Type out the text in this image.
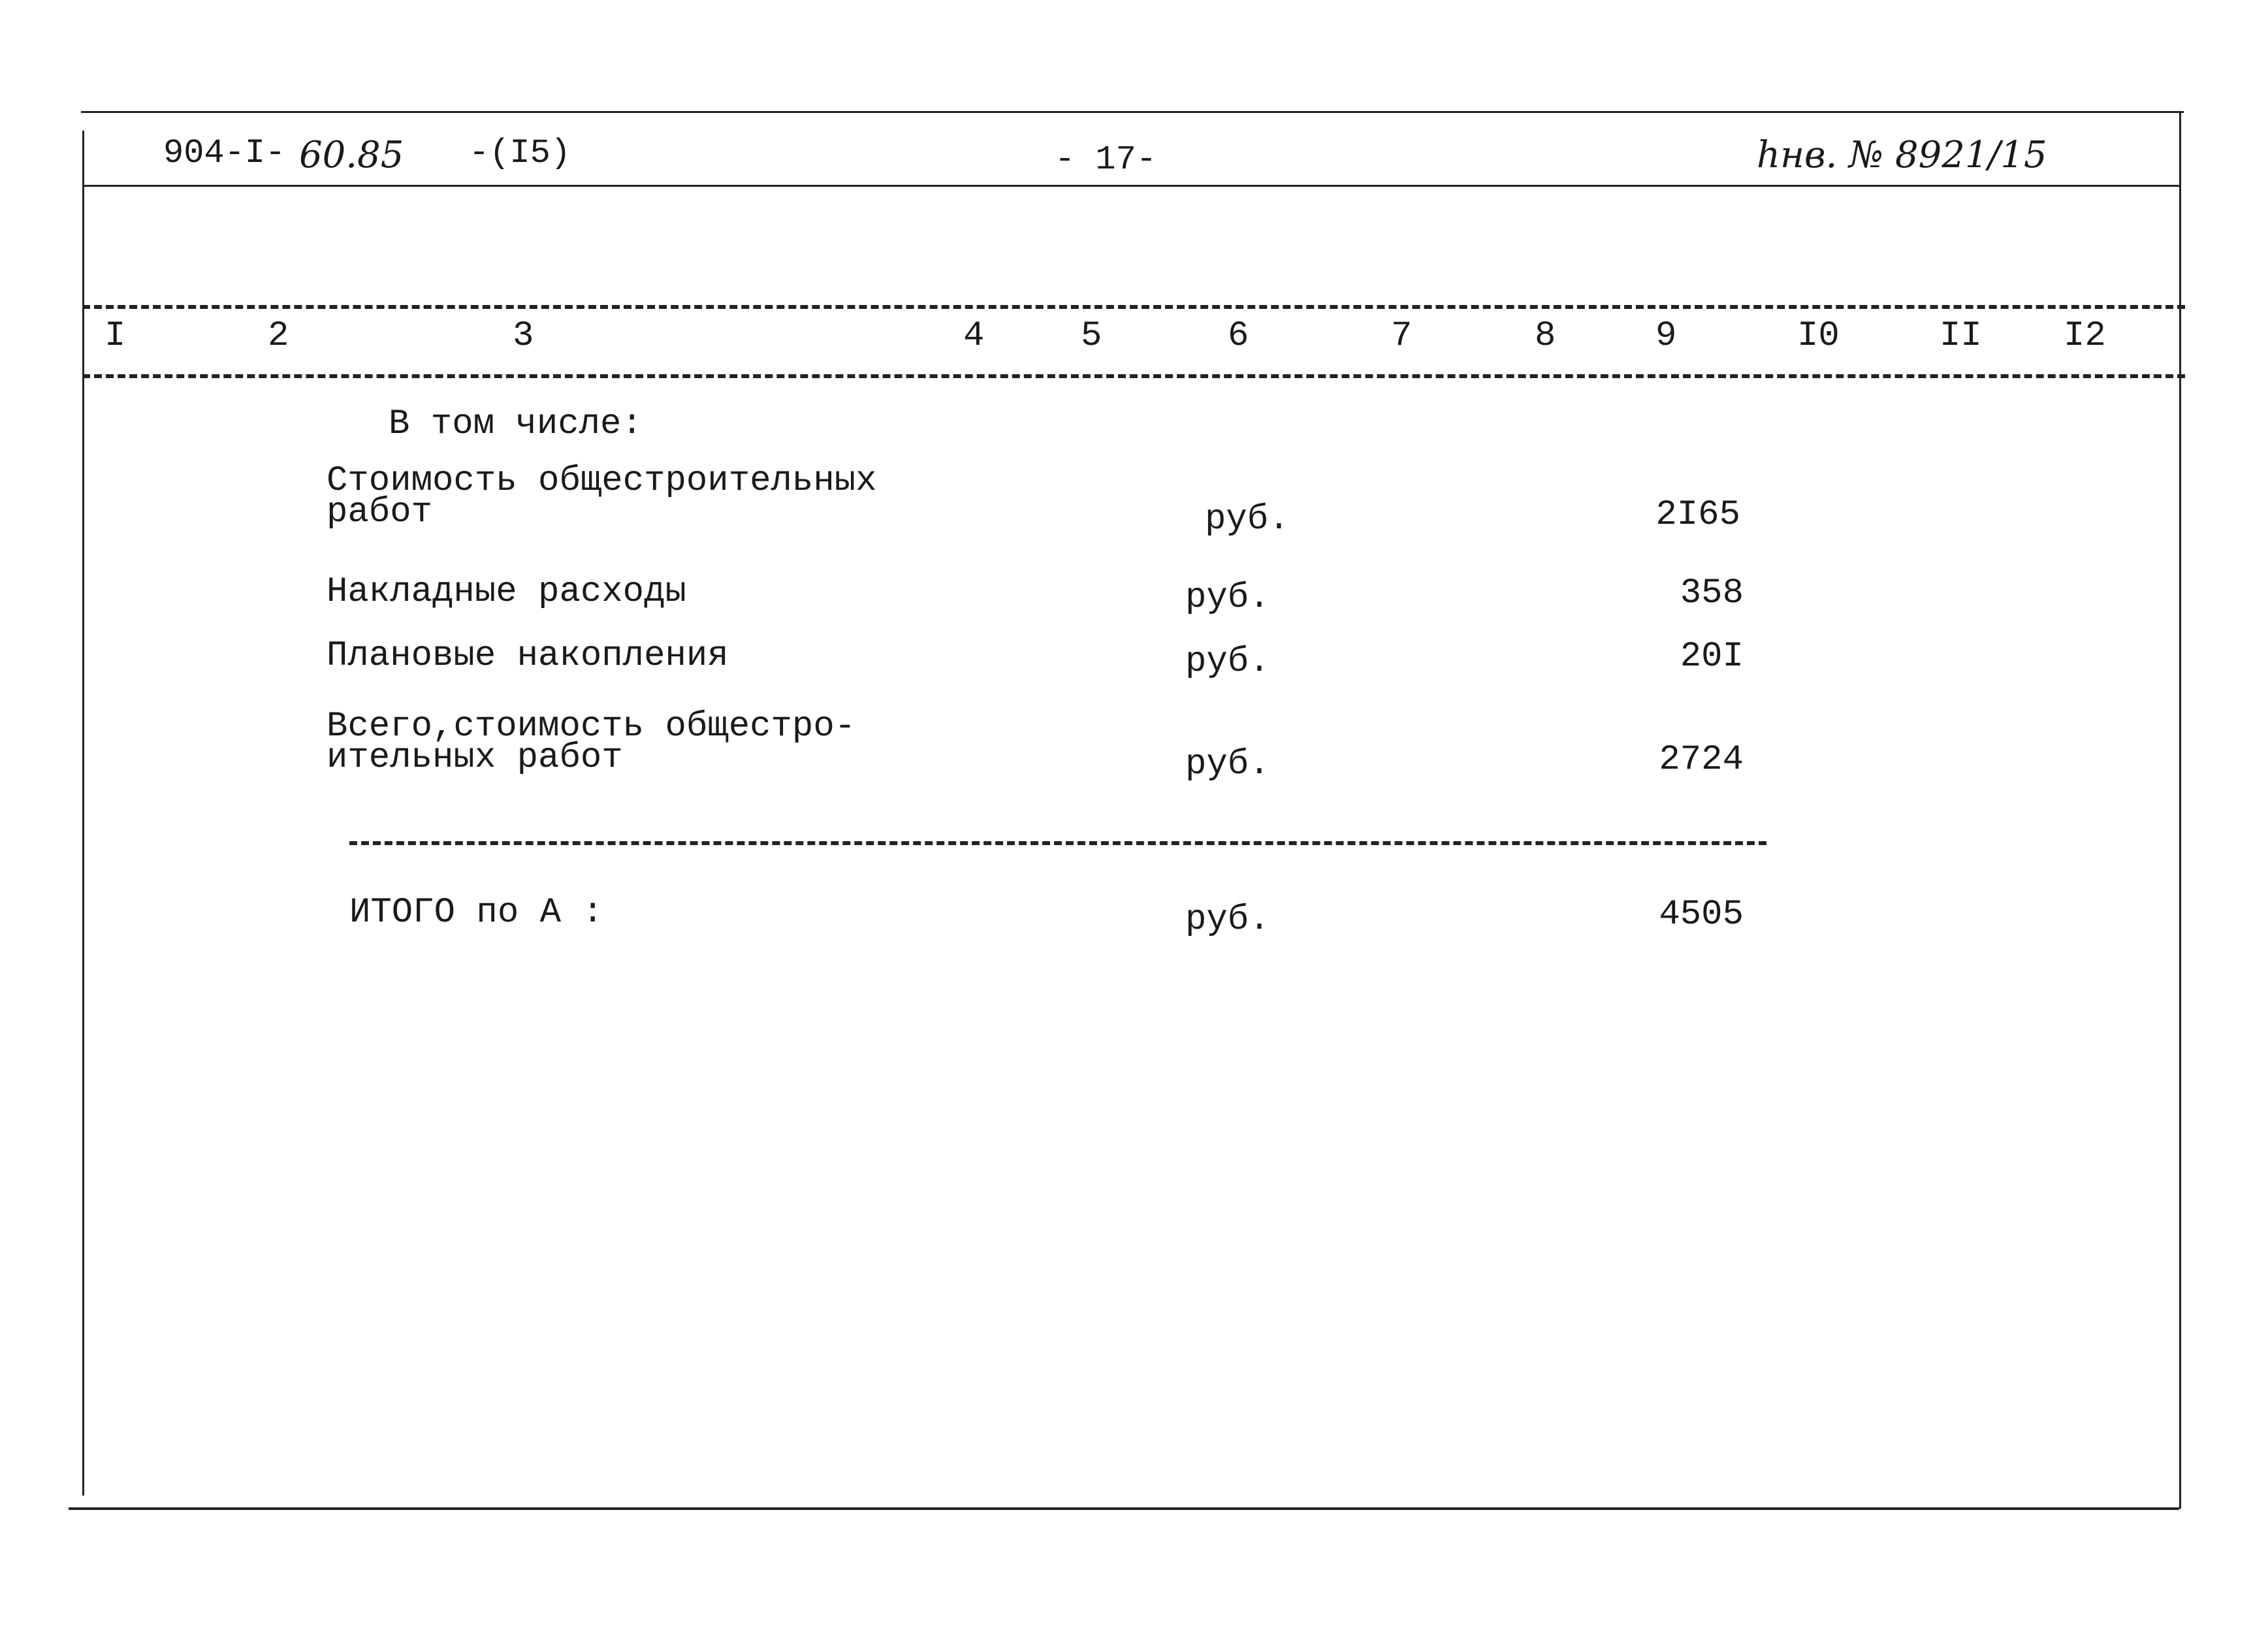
904-I- 60.85 -(I5)	- 17-	hнв. № 8921/15
I	2	3	4	5	6	7	8	9	I0	II I2
В том числе:
Стоимость общестроительных
работ	руб.	2I65
Накладные расходы	руб.	358
Плановые накопления	руб.	20I
Всего,стоимость общестро-
ительных работ	руб.	2724
ИТОГО по А :	руб.	4505
